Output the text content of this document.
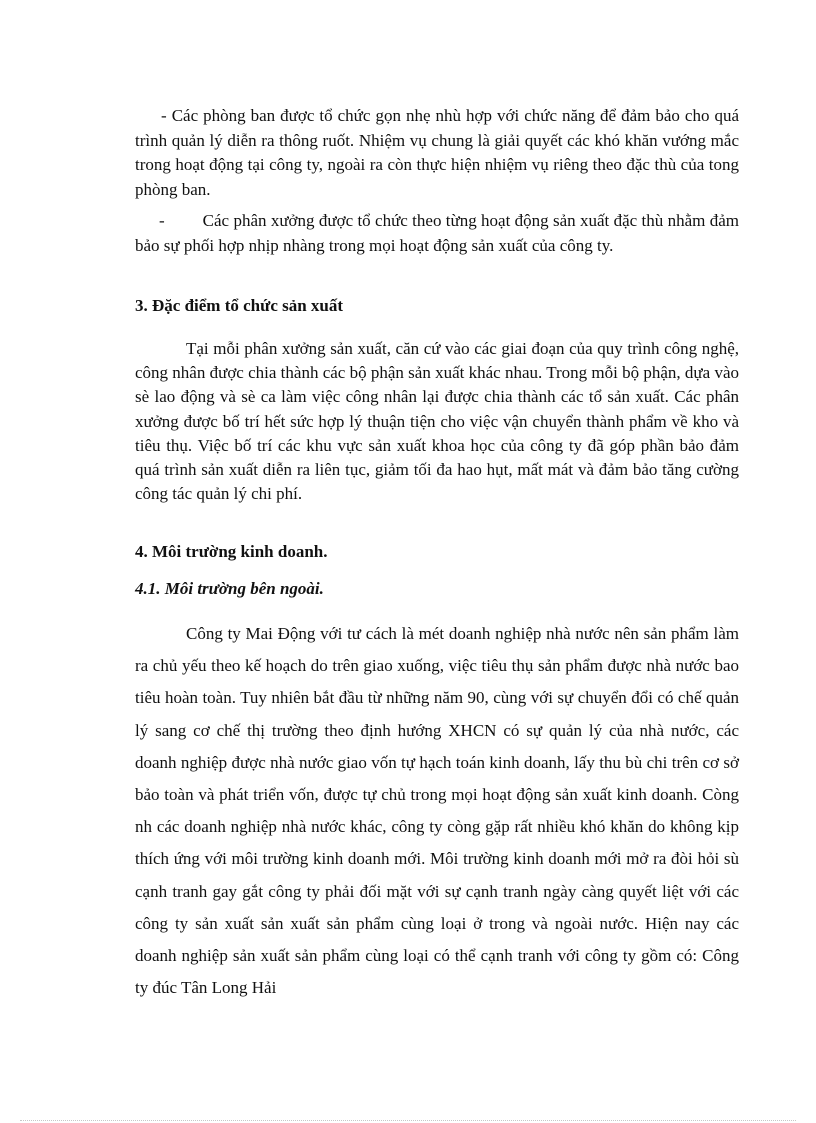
- Các phòng ban được tổ chức gọn nhẹ nhù hợp với chức năng để đảm bảo cho quá trình quản lý diễn ra thông ruốt. Nhiệm vụ chung là giải quyết các khó khăn vướng mắc trong hoạt động tại công ty, ngoài ra còn thực hiện nhiệm vụ riêng theo đặc thù của tong phòng ban.

- Các phân xưởng được tổ chức theo từng hoạt động sản xuất đặc thù nhằm đảm bảo sự phối hợp nhịp nhàng trong mọi hoạt động sản xuất của công ty.

3. Đặc điểm tổ chức sản xuất

Tại mỗi phân xưởng sản xuất, căn cứ vào các giai đoạn của quy trình công nghệ, công nhân được chia thành các bộ phận sản xuất khác nhau. Trong mỗi bộ phận, dựa vào sè lao động và sè ca làm việc công nhân lại được chia thành các tổ sản xuất. Các phân xưởng được bố trí hết sức hợp lý thuận tiện cho việc vận chuyển thành phẩm về kho và tiêu thụ. Việc bố trí các khu vực sản xuất khoa học của công ty đã góp phần bảo đảm quá trình sản xuất diễn ra liên tục, giảm tối đa hao hụt, mất mát và đảm bảo tăng cường công tác quản lý chi phí.

4. Môi trường kinh doanh.
4.1. Môi trường bên ngoài.

Công ty Mai Động với tư cách là mét doanh nghiệp nhà nước nên sản phẩm làm ra chủ yếu theo kế hoạch do trên giao xuống, việc tiêu thụ sản phẩm được nhà nước bao tiêu hoàn toàn. Tuy nhiên bắt đầu từ những năm 90, cùng với sự chuyển đổi có chế quản lý sang cơ chế thị trường theo định hướng XHCN có sự quản lý của nhà nước, các doanh nghiệp được nhà nước giao vốn tự hạch toán kinh doanh, lấy thu bù chi trên cơ sở bảo toàn và phát triển vốn, được tự chủ trong mọi hoạt động sản xuất kinh doanh. Còng nh các doanh nghiệp nhà nước khác, công ty còng gặp rất nhiều khó khăn do không kịp thích ứng với môi trường kinh doanh mới. Môi trường kinh doanh mới mở ra đòi hỏi sù cạnh tranh gay gắt công ty phải đối mặt với sự cạnh tranh ngày càng quyết liệt với các công ty sản xuất sản xuất sản phẩm cùng loại ở trong và ngoài nước. Hiện nay các doanh nghiệp sản xuất sản phẩm cùng loại có thể cạnh tranh với công ty gồm có: Công ty đúc Tân Long Hải
